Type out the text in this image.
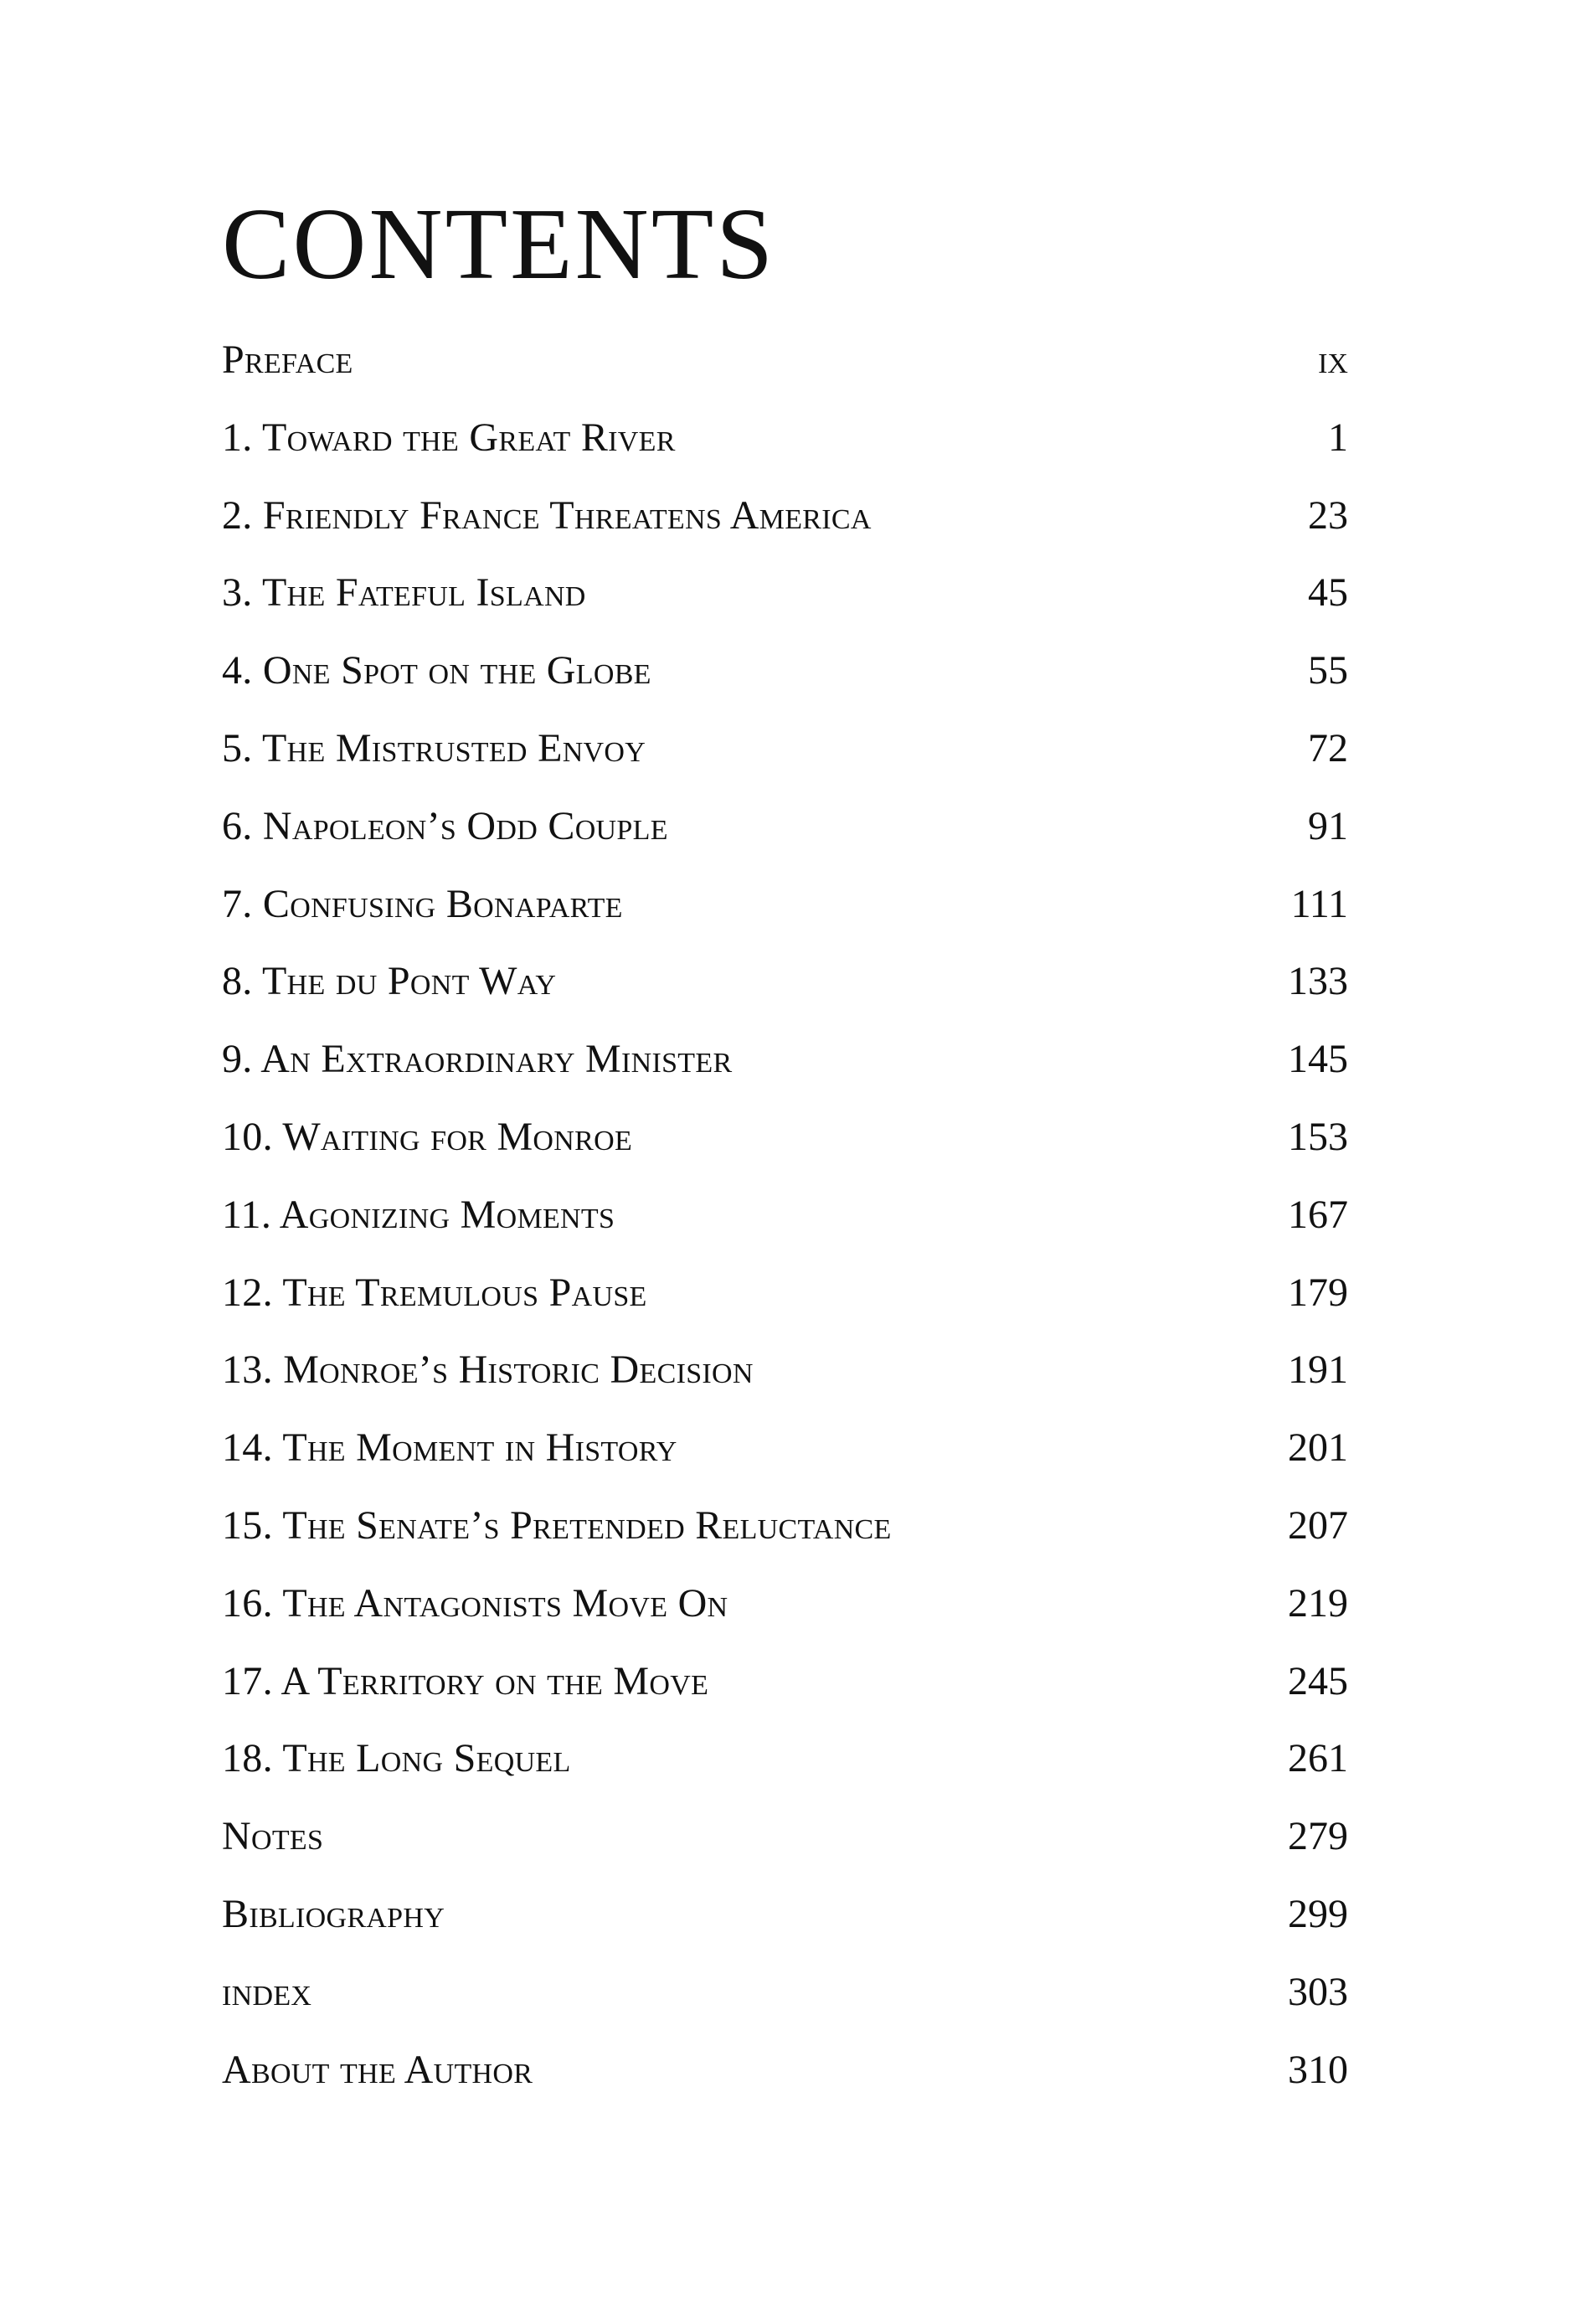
CONTENTS
Preface	ix
1. Toward the Great River	1
2. Friendly France Threatens America	23
3. The Fateful Island	45
4. One Spot on the Globe	55
5. The Mistrusted Envoy	72
6. Napoleon’s Odd Couple	91
7. Confusing Bonaparte	111
8. The du Pont Way	133
9. An Extraordinary Minister	145
10. Waiting for Monroe	153
11. Agonizing Moments	167
12. The Tremulous Pause	179
13. Monroe’s Historic Decision	191
14. The Moment in History	201
15. The Senate’s Pretended Reluctance	207
16. The Antagonists Move On	219
17. A Territory on the Move	245
18. The Long Sequel	261
Notes	279
Bibliography	299
index	303
About the Author	310
